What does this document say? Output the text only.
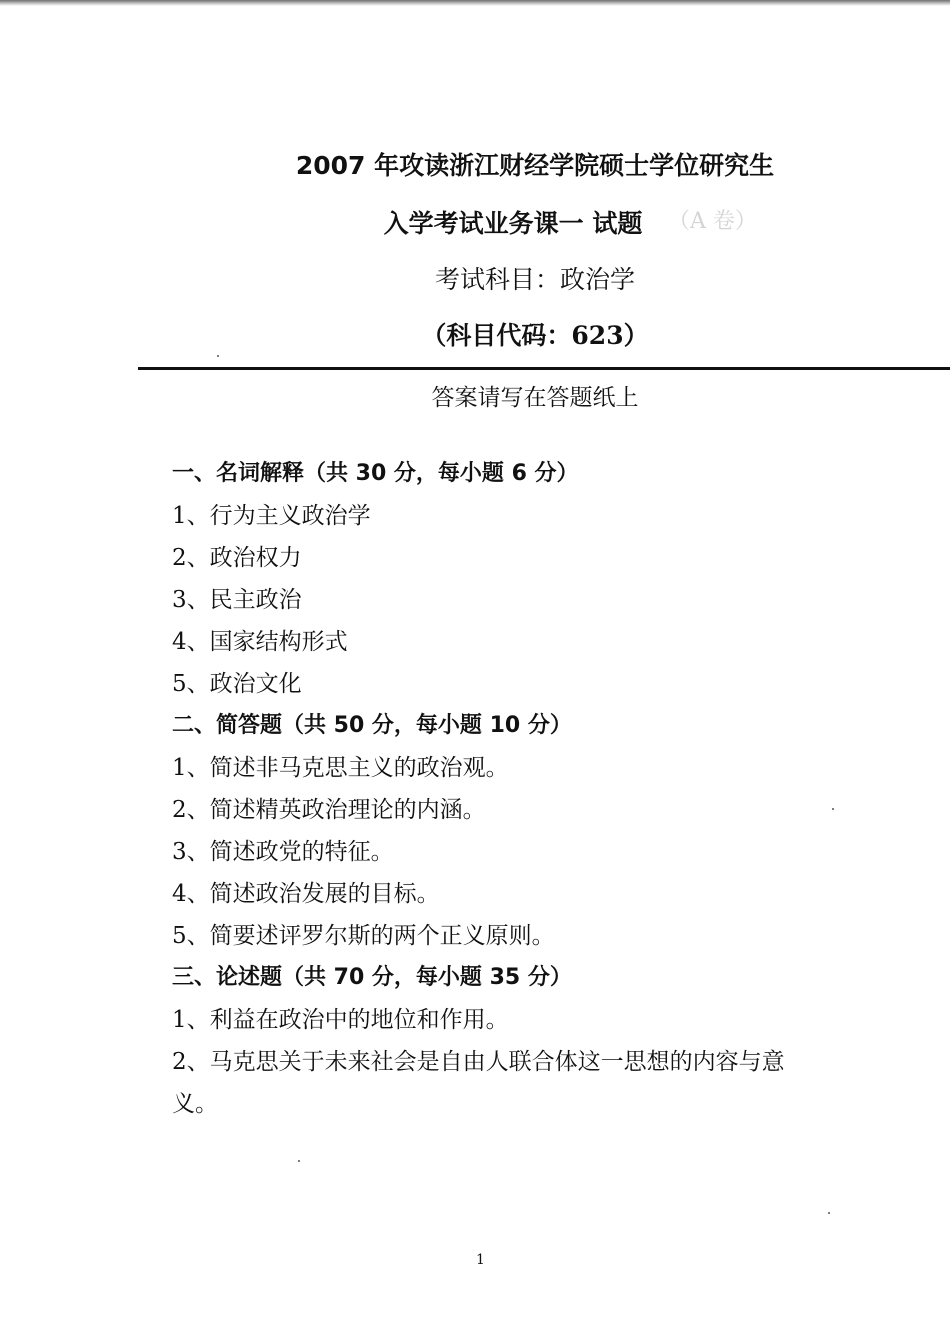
2007 年攻读浙江财经学院硕士学位研究生
入学考试业务课一 试题	（A 卷）
考试科目：政治学
（科目代码：623）
答案请写在答题纸上
一、名词解释（共 30 分，每小题 6 分）
1、行为主义政治学
2、政治权力
3、民主政治
4、国家结构形式
5、政治文化
二、简答题（共 50 分，每小题 10 分）
1、简述非马克思主义的政治观。
2、简述精英政治理论的内涵。
3、简述政党的特征。
4、简述政治发展的目标。
5、简要述评罗尔斯的两个正义原则。
三、论述题（共 70 分，每小题 35 分）
1、利益在政治中的地位和作用。
2、马克思关于未来社会是自由人联合体这一思想的内容与意义。
1
